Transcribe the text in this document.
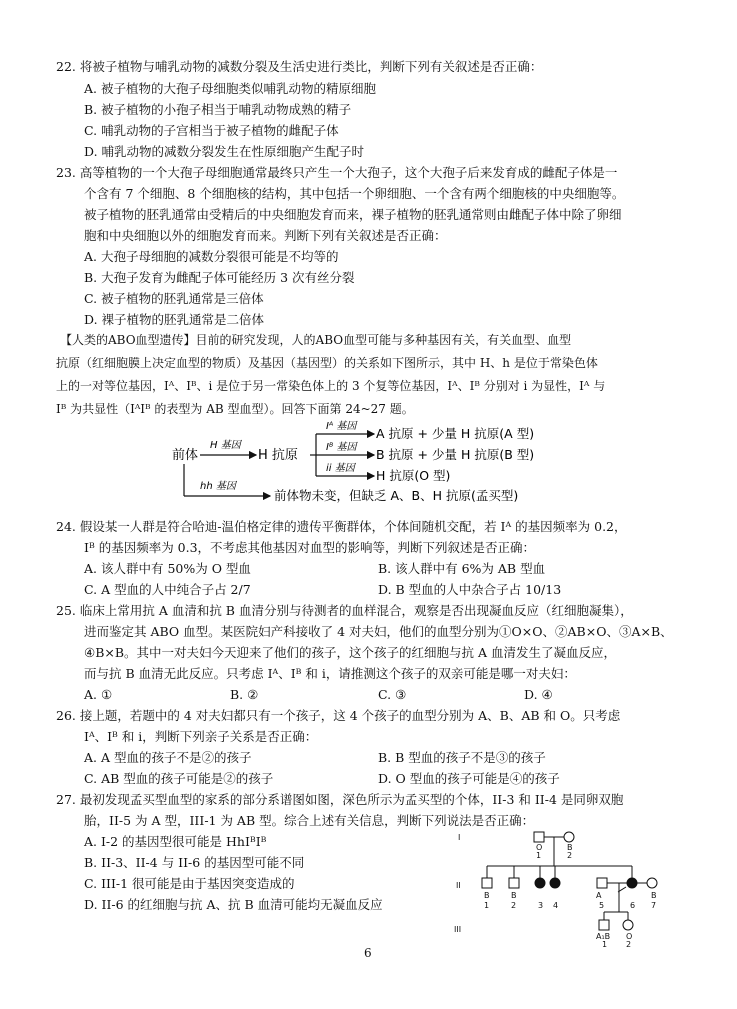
22. 将被子植物与哺乳动物的减数分裂及生活史进行类比，判断下列有关叙述是否正确：
A. 被子植物的大孢子母细胞类似哺乳动物的精原细胞
B. 被子植物的小孢子相当于哺乳动物成熟的精子
C. 哺乳动物的子宫相当于被子植物的雌配子体
D. 哺乳动物的减数分裂发生在性原细胞产生配子时
23. 高等植物的一个大孢子母细胞通常最终只产生一个大孢子，这个大孢子后来发育成的雌配子体是一
个含有 7 个细胞、8 个细胞核的结构，其中包括一个卵细胞、一个含有两个细胞核的中央细胞等。
被子植物的胚乳通常由受精后的中央细胞发育而来，裸子植物的胚乳通常则由雌配子体中除了卵细
胞和中央细胞以外的细胞发育而来。判断下列有关叙述是否正确：
A. 大孢子母细胞的减数分裂很可能是不均等的
B. 大孢子发育为雌配子体可能经历 3 次有丝分裂
C. 被子植物的胚乳通常是三倍体
D. 裸子植物的胚乳通常是二倍体
【人类的ABO血型遗传】目前的研究发现，人的ABO血型可能与多种基因有关，有关血型、血型
抗原（红细胞膜上决定血型的物质）及基因（基因型）的关系如下图所示，其中 H、h 是位于常染色体
上的一对等位基因，Iᴬ、Iᴮ、i 是位于另一常染色体上的 3 个复等位基因，Iᴬ、Iᴮ 分别对 i 为显性，Iᴬ 与
Iᴮ 为共显性（IᴬIᴮ 的表型为 AB 型血型）。回答下面第 24~27 题。
前体
H 基因
H 抗原
Iᴬ 基因
Iᴮ 基因
ii 基因
A 抗原 + 少量 H 抗原(A 型)
B 抗原 + 少量 H 抗原(B 型)
H 抗原(O 型)
hh 基因
前体物未变，但缺乏 A、B、H 抗原(孟买型)
24. 假设某一人群是符合哈迪-温伯格定律的遗传平衡群体，个体间随机交配，若 Iᴬ 的基因频率为 0.2，
Iᴮ 的基因频率为 0.3，不考虑其他基因对血型的影响等，判断下列叙述是否正确：
A. 该人群中有 50%为 O 型血	B. 该人群中有 6%为 AB 型血
C. A 型血的人中纯合子占 2/7	D. B 型血的人中杂合子占 10/13
25. 临床上常用抗 A 血清和抗 B 血清分别与待测者的血样混合，观察是否出现凝血反应（红细胞凝集），
进而鉴定其 ABO 血型。某医院妇产科接收了 4 对夫妇，他们的血型分别为①O×O、②AB×O、③A×B、
④B×B。其中一对夫妇今天迎来了他们的孩子，这个孩子的红细胞与抗 A 血清发生了凝血反应，
而与抗 B 血清无此反应。只考虑 Iᴬ、Iᴮ 和 i，请推测这个孩子的双亲可能是哪一对夫妇：
A. ①	B. ②	C. ③	D. ④
26. 接上题，若题中的 4 对夫妇都只有一个孩子，这 4 个孩子的血型分别为 A、B、AB 和 O。只考虑
Iᴬ、Iᴮ 和 i，判断下列亲子关系是否正确：
A. A 型血的孩子不是②的孩子	B. B 型血的孩子不是③的孩子
C. AB 型血的孩子可能是②的孩子	D. O 型血的孩子可能是④的孩子
27. 最初发现孟买型血型的家系的部分系谱图如图，深色所示为孟买型的个体，II-3 和 II-4 是同卵双胞
胎，II-5 为 A 型，III-1 为 AB 型。综合上述有关信息，判断下列说法是否正确：
A. I-2 的基因型很可能是 HhIᴮIᴮ
B. II-3、II-4 与 II-6 的基因型可能不同
C. III-1 很可能是由于基因突变造成的
D. II-6 的红细胞与抗 A、抗 B 血清可能均无凝血反应
I
II
III
O
1
B
2
B	B	A	B
1	2	3 4	5	6 7
A₁B O
1 2
6
